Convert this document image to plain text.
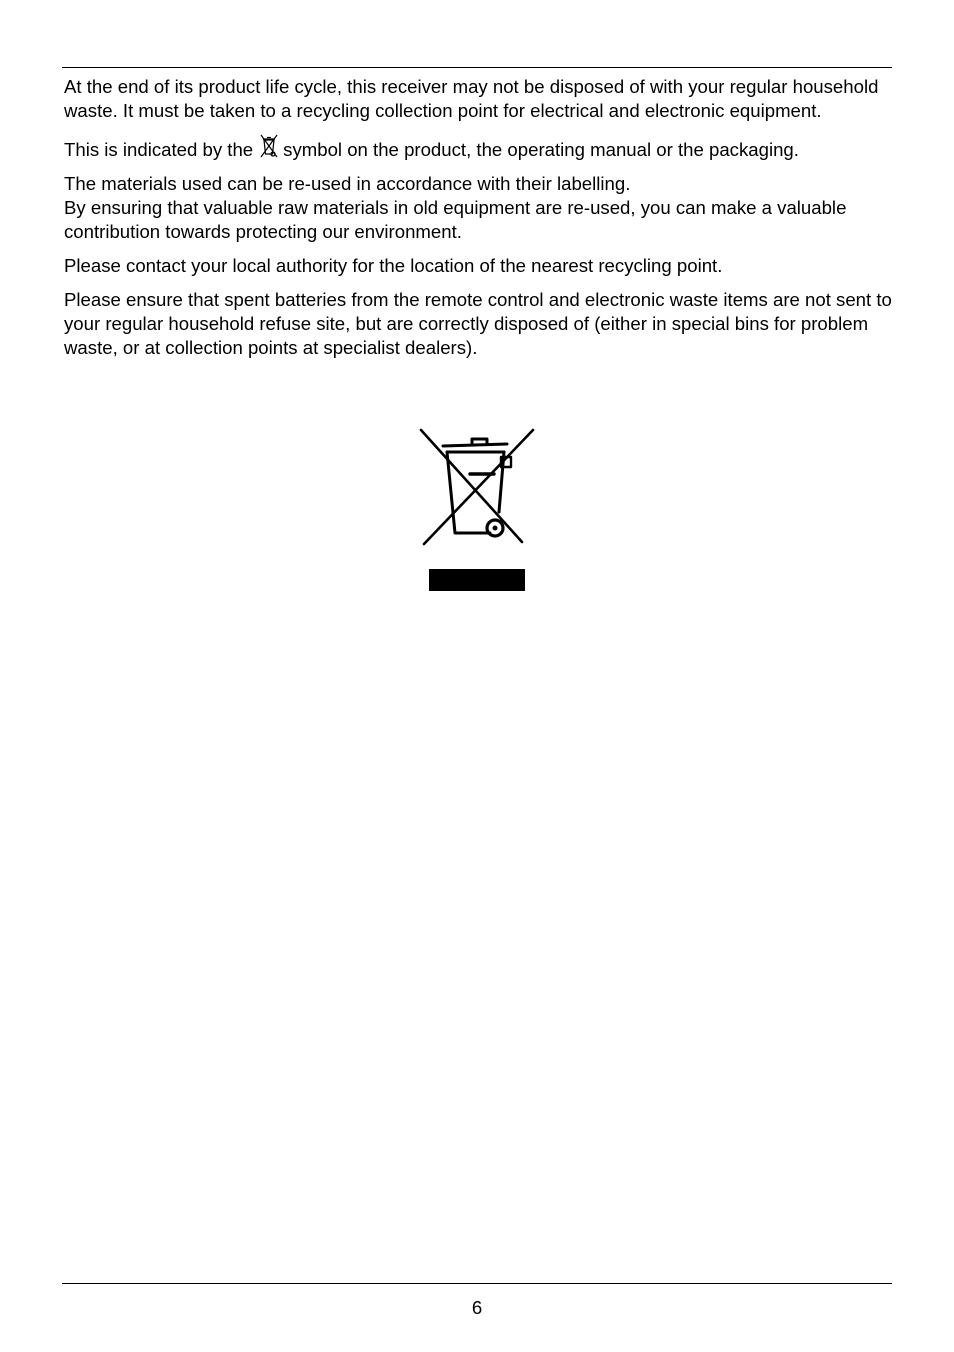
At the end of its product life cycle, this receiver may not be disposed of with your regular household waste. It must be taken to a recycling collection point for electrical and electronic equipment.

This is indicated by the symbol on the product, the operating manual or the packaging.

The materials used can be re-used in accordance with their labelling.
By ensuring that valuable raw materials in old equipment are re-used, you can make a valuable contribution towards protecting our environment.

Please contact your local authority for the location of the nearest recycling point.

Please ensure that spent batteries from the remote control and electronic waste items are not sent to your regular household refuse site, but are correctly disposed of (either in special bins for problem waste, or at collection points at specialist dealers).

6
